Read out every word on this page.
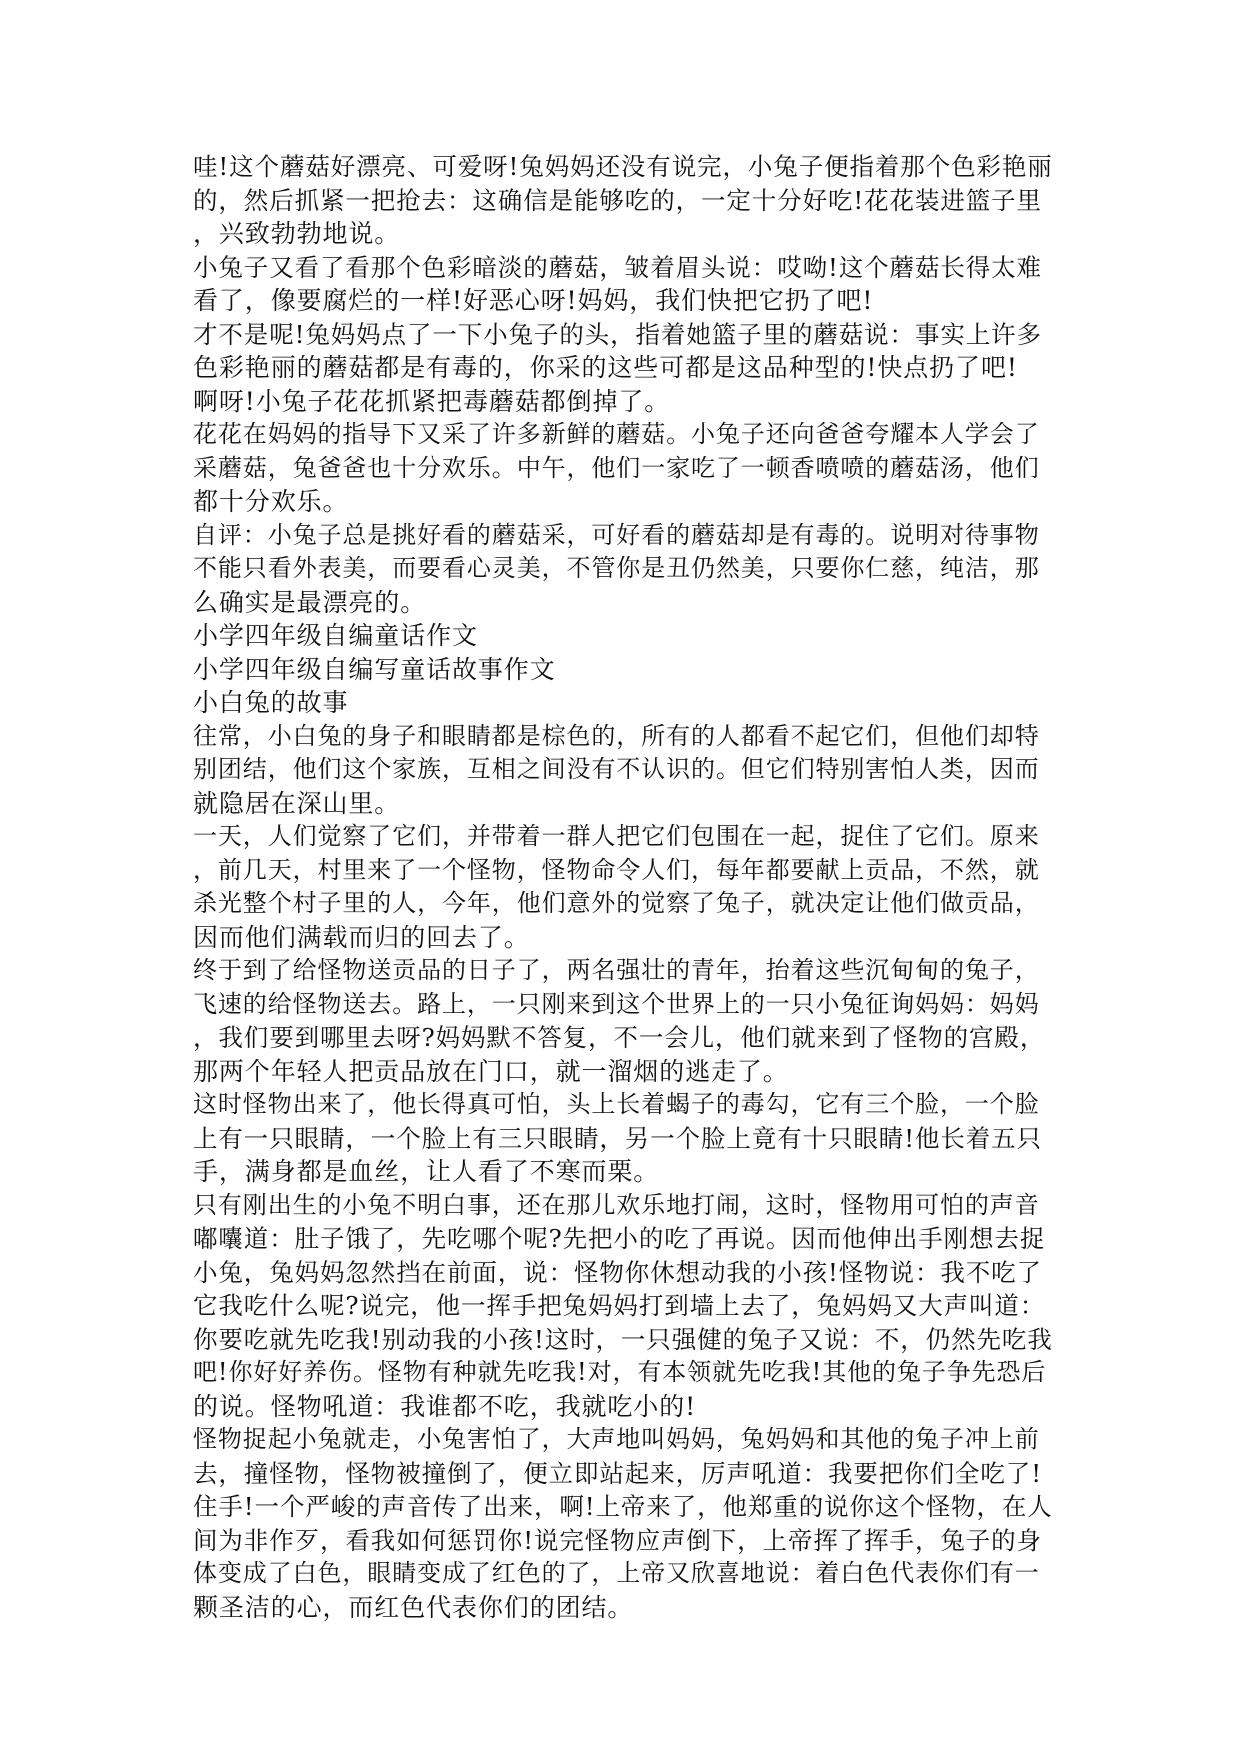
哇!这个蘑菇好漂亮、可爱呀!兔妈妈还没有说完，小兔子便指着那个色彩艳丽
的，然后抓紧一把抢去：这确信是能够吃的，一定十分好吃!花花装进篮子里
，兴致勃勃地说。
小兔子又看了看那个色彩暗淡的蘑菇，皱着眉头说：哎呦!这个蘑菇长得太难
看了，像要腐烂的一样!好恶心呀!妈妈，我们快把它扔了吧!
才不是呢!兔妈妈点了一下小兔子的头，指着她篮子里的蘑菇说：事实上许多
色彩艳丽的蘑菇都是有毒的，你采的这些可都是这品种型的!快点扔了吧!
啊呀!小兔子花花抓紧把毒蘑菇都倒掉了。
花花在妈妈的指导下又采了许多新鲜的蘑菇。小兔子还向爸爸夸耀本人学会了
采蘑菇，兔爸爸也十分欢乐。中午，他们一家吃了一顿香喷喷的蘑菇汤，他们
都十分欢乐。
自评：小兔子总是挑好看的蘑菇采，可好看的蘑菇却是有毒的。说明对待事物
不能只看外表美，而要看心灵美，不管你是丑仍然美，只要你仁慈，纯洁，那
么确实是最漂亮的。
小学四年级自编童话作文
小学四年级自编写童话故事作文
小白兔的故事
往常，小白兔的身子和眼睛都是棕色的，所有的人都看不起它们，但他们却特
别团结，他们这个家族，互相之间没有不认识的。但它们特别害怕人类，因而
就隐居在深山里。
一天，人们觉察了它们，并带着一群人把它们包围在一起，捉住了它们。原来
，前几天，村里来了一个怪物，怪物命令人们，每年都要献上贡品，不然，就
杀光整个村子里的人，今年，他们意外的觉察了兔子，就决定让他们做贡品，
因而他们满载而归的回去了。
终于到了给怪物送贡品的日子了，两名强壮的青年，抬着这些沉甸甸的兔子，
飞速的给怪物送去。路上，一只刚来到这个世界上的一只小兔征询妈妈：妈妈
，我们要到哪里去呀?妈妈默不答复，不一会儿，他们就来到了怪物的宫殿，
那两个年轻人把贡品放在门口，就一溜烟的逃走了。
这时怪物出来了，他长得真可怕，头上长着蝎子的毒勾，它有三个脸，一个脸
上有一只眼睛，一个脸上有三只眼睛，另一个脸上竟有十只眼睛!他长着五只
手，满身都是血丝，让人看了不寒而栗。
只有刚出生的小兔不明白事，还在那儿欢乐地打闹，这时，怪物用可怕的声音
嘟囔道：肚子饿了，先吃哪个呢?先把小的吃了再说。因而他伸出手刚想去捉
小兔，兔妈妈忽然挡在前面，说：怪物你休想动我的小孩!怪物说：我不吃了
它我吃什么呢?说完，他一挥手把兔妈妈打到墙上去了，兔妈妈又大声叫道：
你要吃就先吃我!别动我的小孩!这时，一只强健的兔子又说：不，仍然先吃我
吧!你好好养伤。怪物有种就先吃我!对，有本领就先吃我!其他的兔子争先恐后
的说。怪物吼道：我谁都不吃，我就吃小的!
怪物捉起小兔就走，小兔害怕了，大声地叫妈妈，兔妈妈和其他的兔子冲上前
去，撞怪物，怪物被撞倒了，便立即站起来，厉声吼道：我要把你们全吃了!
住手!一个严峻的声音传了出来，啊!上帝来了，他郑重的说你这个怪物，在人
间为非作歹，看我如何惩罚你!说完怪物应声倒下，上帝挥了挥手，兔子的身
体变成了白色，眼睛变成了红色的了，上帝又欣喜地说：着白色代表你们有一
颗圣洁的心，而红色代表你们的团结。
